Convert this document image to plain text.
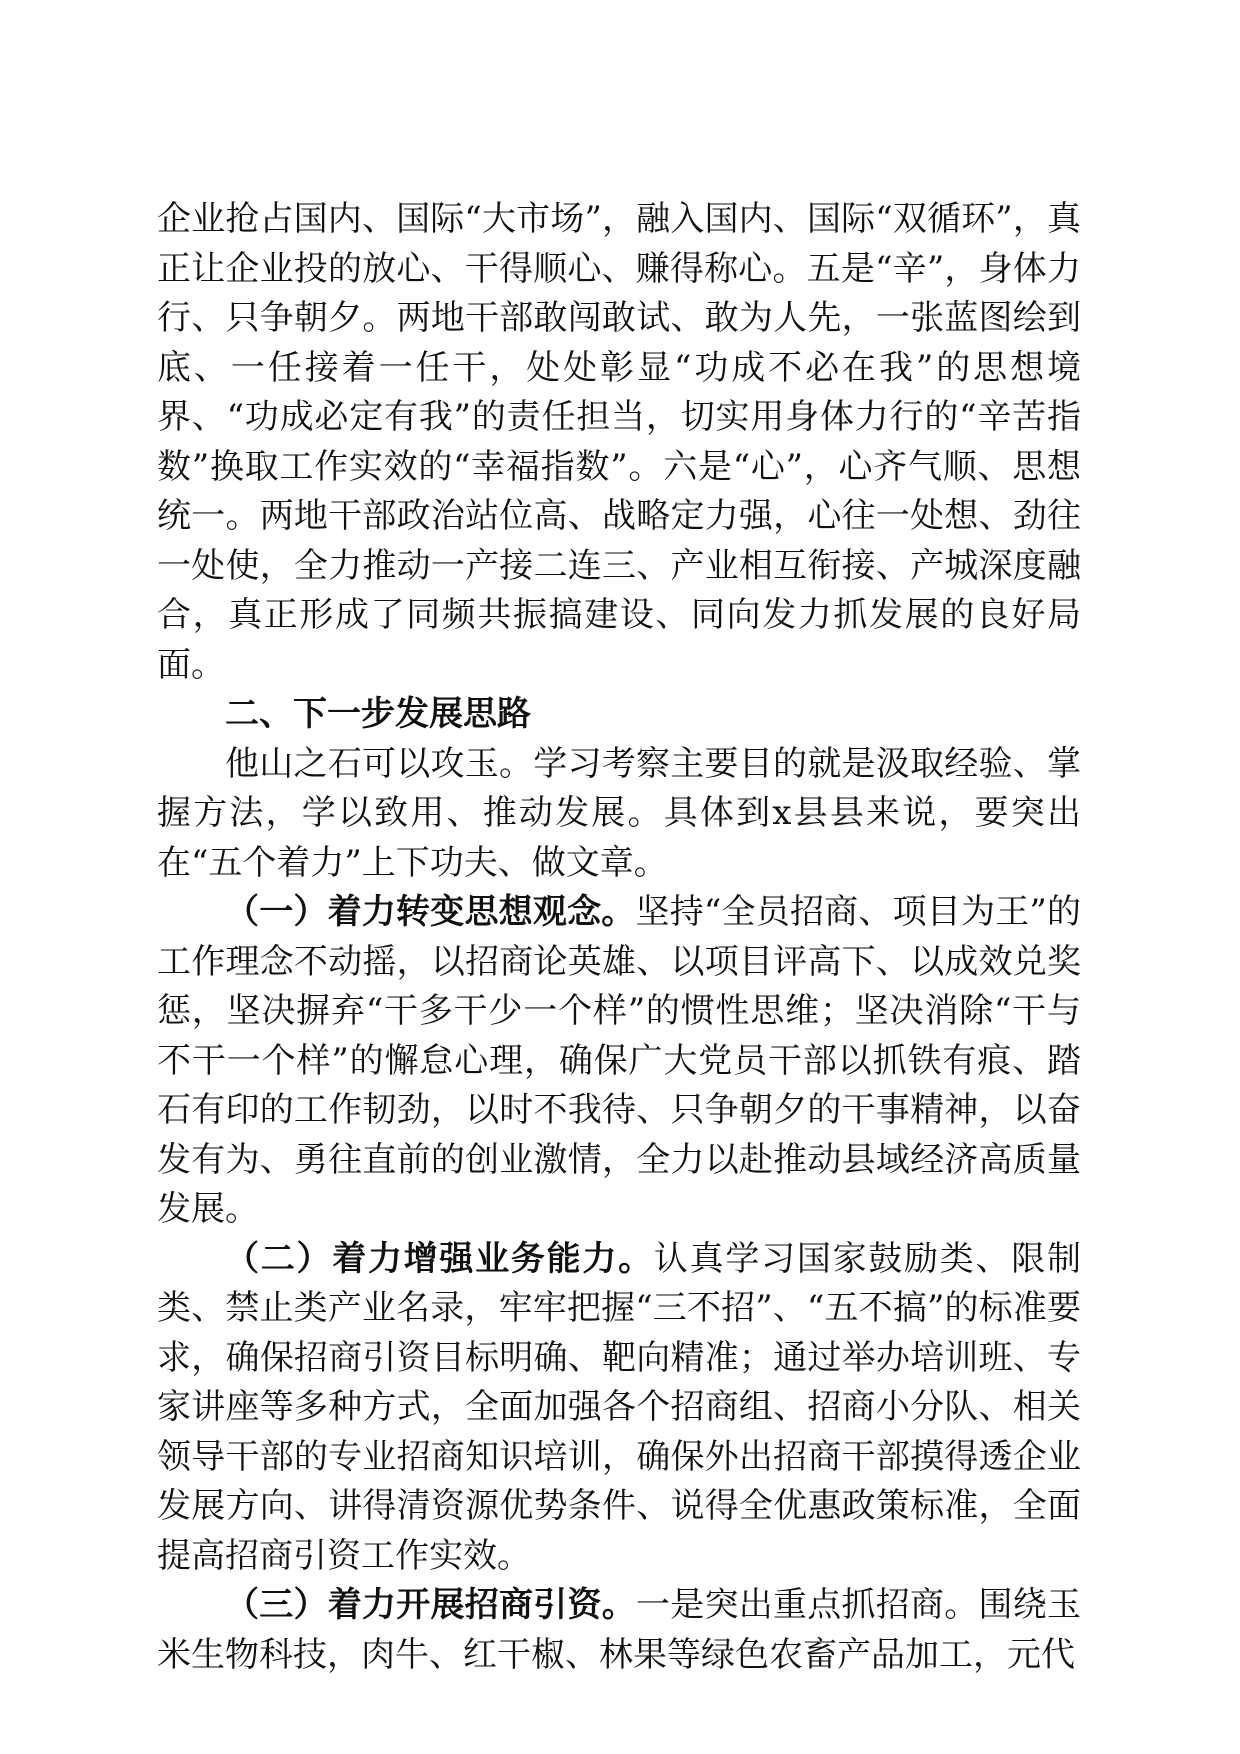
企业抢占国内、国际“大市场”，融入国内、国际“双循环”，真正让企业投的放心、干得顺心、赚得称心。五是“辛”，身体力行、只争朝夕。两地干部敢闯敢试、敢为人先，一张蓝图绘到底、一任接着一任干，处处彰显“功成不必在我”的思想境界、“功成必定有我”的责任担当，切实用身体力行的“辛苦指数”换取工作实效的“幸福指数”。六是“心”，心齐气顺、思想统一。两地干部政治站位高、战略定力强，心往一处想、劲往一处使，全力推动一产接二连三、产业相互衔接、产城深度融合，真正形成了同频共振搞建设、同向发力抓发展的良好局面。

二、下一步发展思路

他山之石可以攻玉。学习考察主要目的就是汲取经验、掌握方法，学以致用、推动发展。具体到x县县来说，要突出在“五个着力”上下功夫、做文章。

（一）着力转变思想观念。坚持“全员招商、项目为王”的工作理念不动摇，以招商论英雄、以项目评高下、以成效兑奖惩，坚决摒弃“干多干少一个样”的惯性思维；坚决消除“干与不干一个样”的懈怠心理，确保广大党员干部以抓铁有痕、踏石有印的工作韧劲，以时不我待、只争朝夕的干事精神，以奋发有为、勇往直前的创业激情，全力以赴推动县域经济高质量发展。

（二）着力增强业务能力。认真学习国家鼓励类、限制类、禁止类产业名录，牢牢把握“三不招”、“五不搞”的标准要求，确保招商引资目标明确、靶向精准；通过举办培训班、专家讲座等多种方式，全面加强各个招商组、招商小分队、相关领导干部的专业招商知识培训，确保外出招商干部摸得透企业发展方向、讲得清资源优势条件、说得全优惠政策标准，全面提高招商引资工作实效。

（三）着力开展招商引资。一是突出重点抓招商。围绕玉米生物科技，肉牛、红干椒、林果等绿色农畜产品加工，元代
